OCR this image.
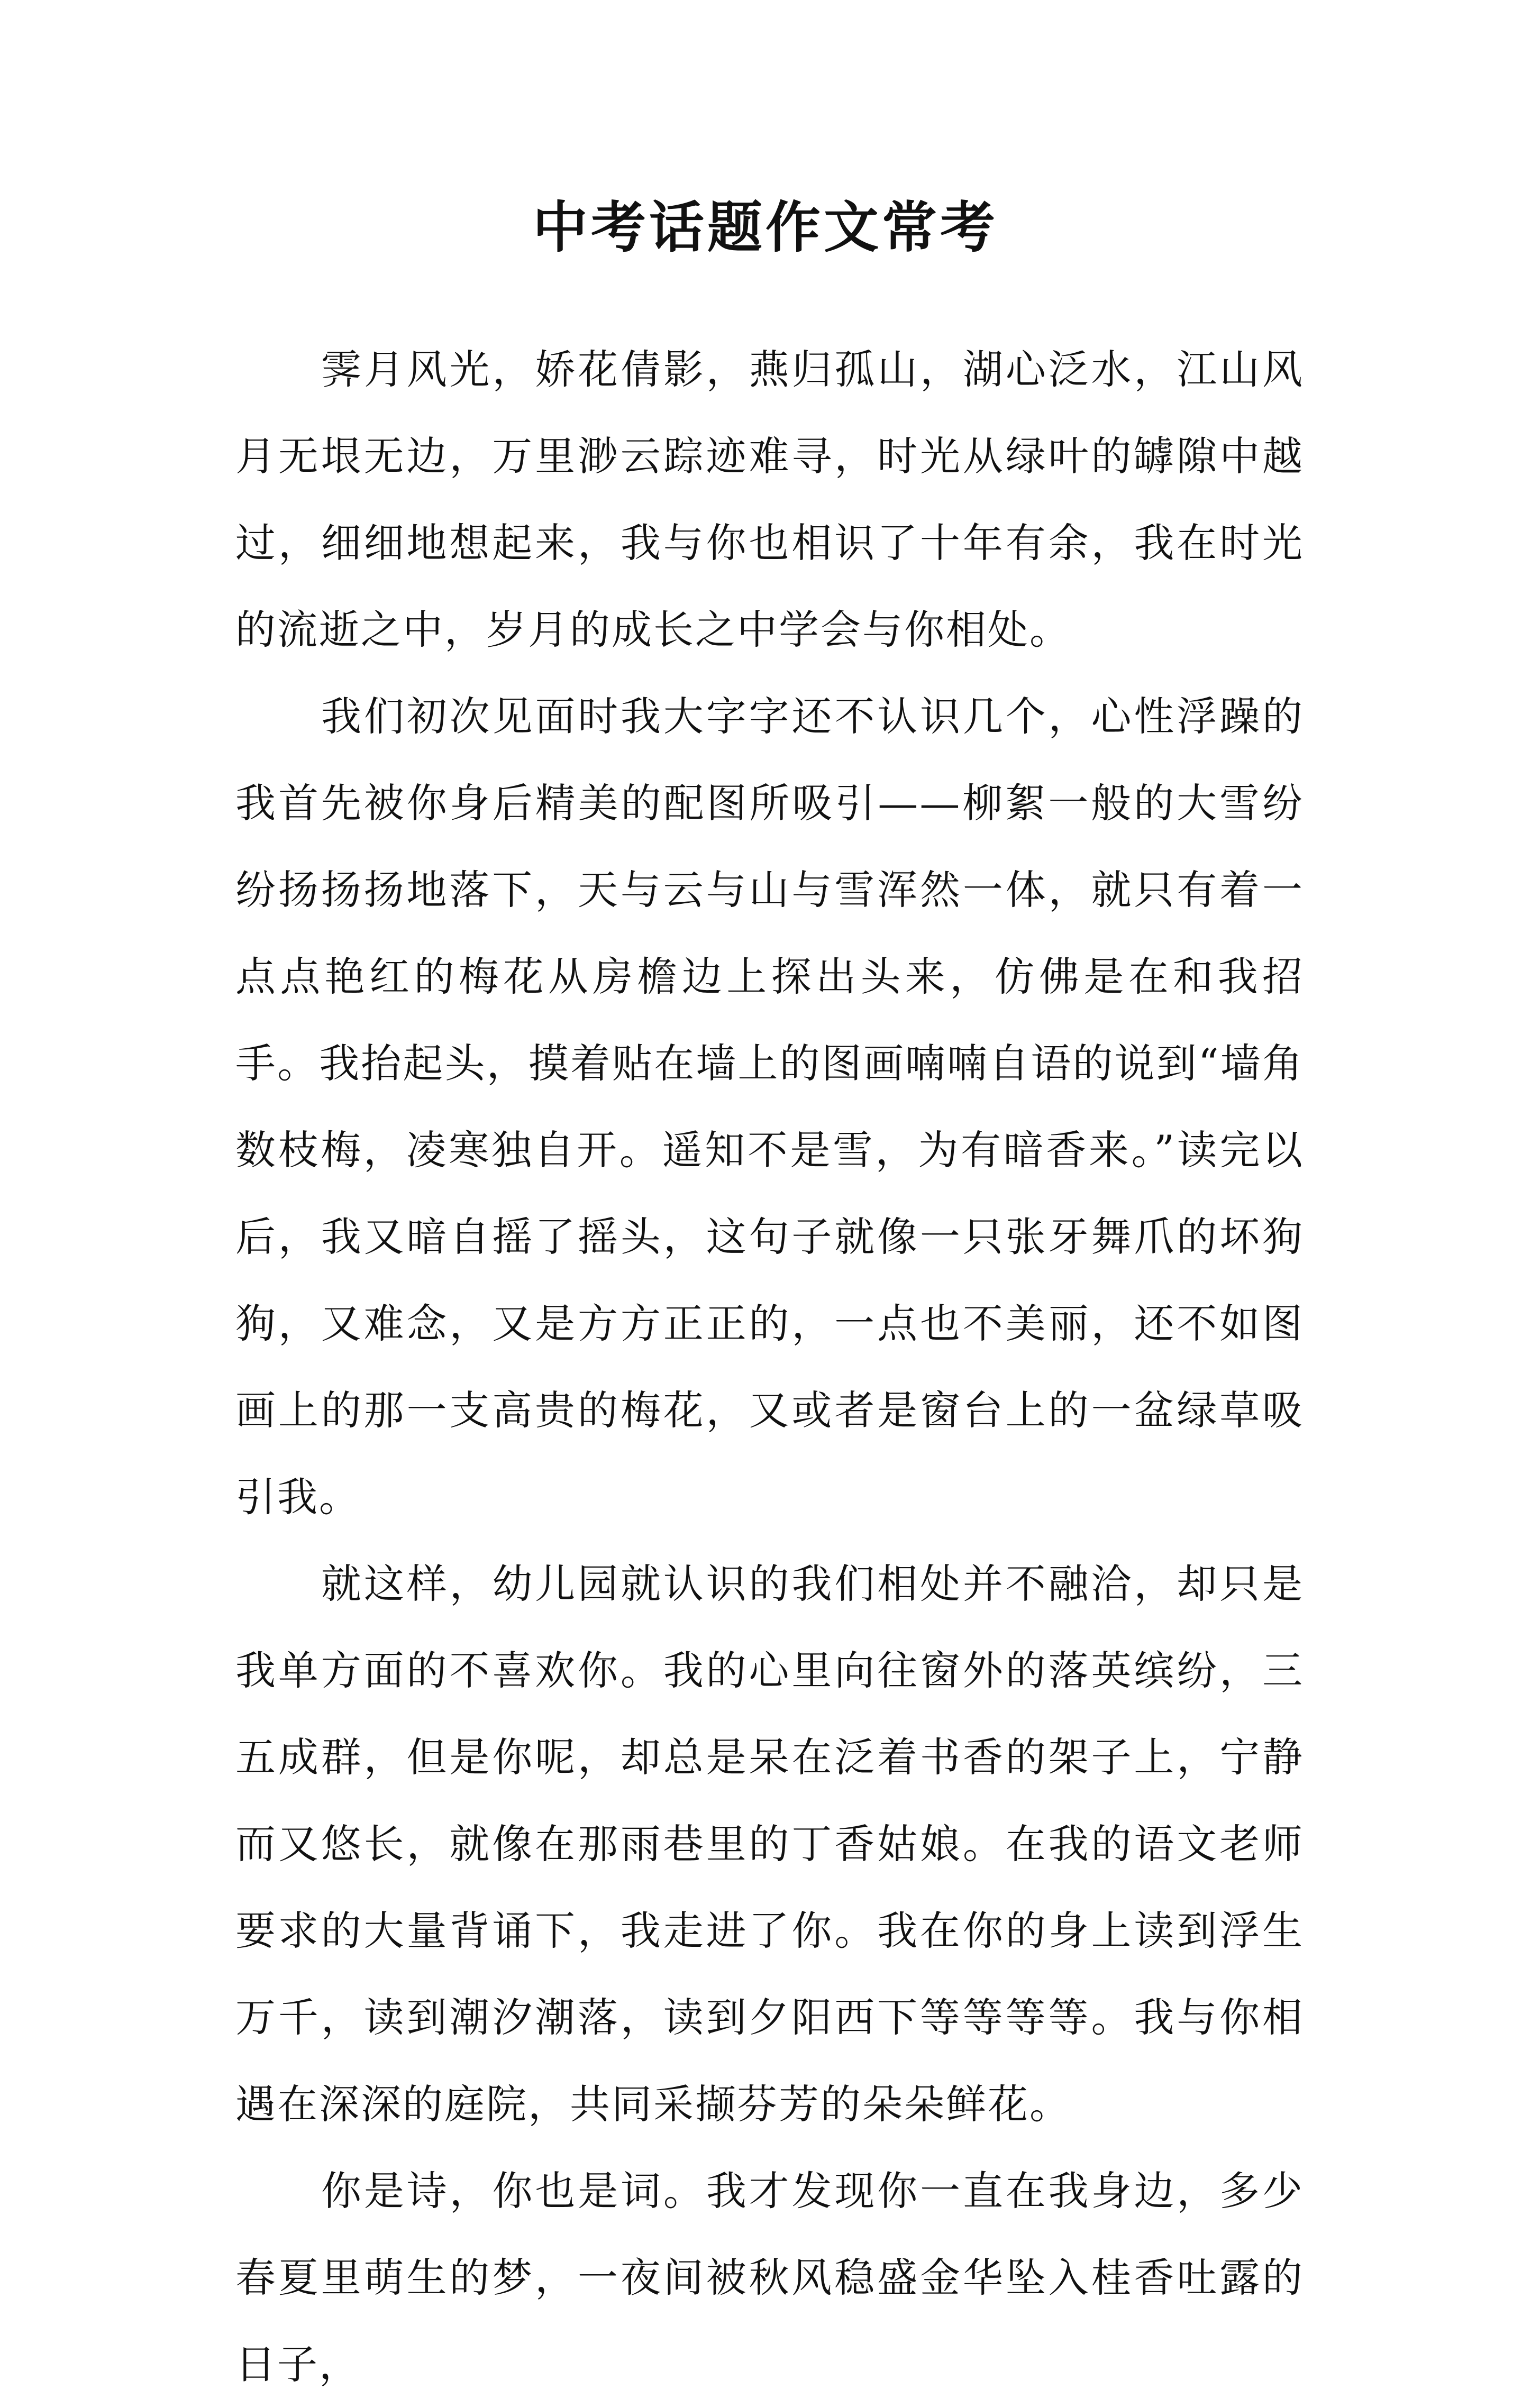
中考话题作文常考

霁月风光，娇花倩影，燕归孤山，湖心泛水，江山风月无垠无边，万里渺云踪迹难寻，时光从绿叶的罅隙中越过，细细地想起来，我与你也相识了十年有余，我在时光的流逝之中，岁月的成长之中学会与你相处。

我们初次见面时我大字字还不认识几个，心性浮躁的我首先被你身后精美的配图所吸引——柳絮一般的大雪纷纷扬扬扬地落下，天与云与山与雪浑然一体，就只有着一点点艳红的梅花从房檐边上探出头来，仿佛是在和我招手。我抬起头，摸着贴在墙上的图画喃喃自语的说到“墙角数枝梅，凌寒独自开。遥知不是雪，为有暗香来。”读完以后，我又暗自摇了摇头，这句子就像一只张牙舞爪的坏狗狗，又难念，又是方方正正的，一点也不美丽，还不如图画上的那一支高贵的梅花，又或者是窗台上的一盆绿草吸引我。

就这样，幼儿园就认识的我们相处并不融洽，却只是我单方面的不喜欢你。我的心里向往窗外的落英缤纷，三五成群，但是你呢，却总是呆在泛着书香的架子上，宁静而又悠长，就像在那雨巷里的丁香姑娘。在我的语文老师要求的大量背诵下，我走进了你。我在你的身上读到浮生万千，读到潮汐潮落，读到夕阳西下等等等等。我与你相遇在深深的庭院，共同采撷芬芳的朵朵鲜花。

你是诗，你也是词。我才发现你一直在我身边，多少春夏里萌生的梦，一夜间被秋风稳盛金华坠入桂香吐露的日子，
